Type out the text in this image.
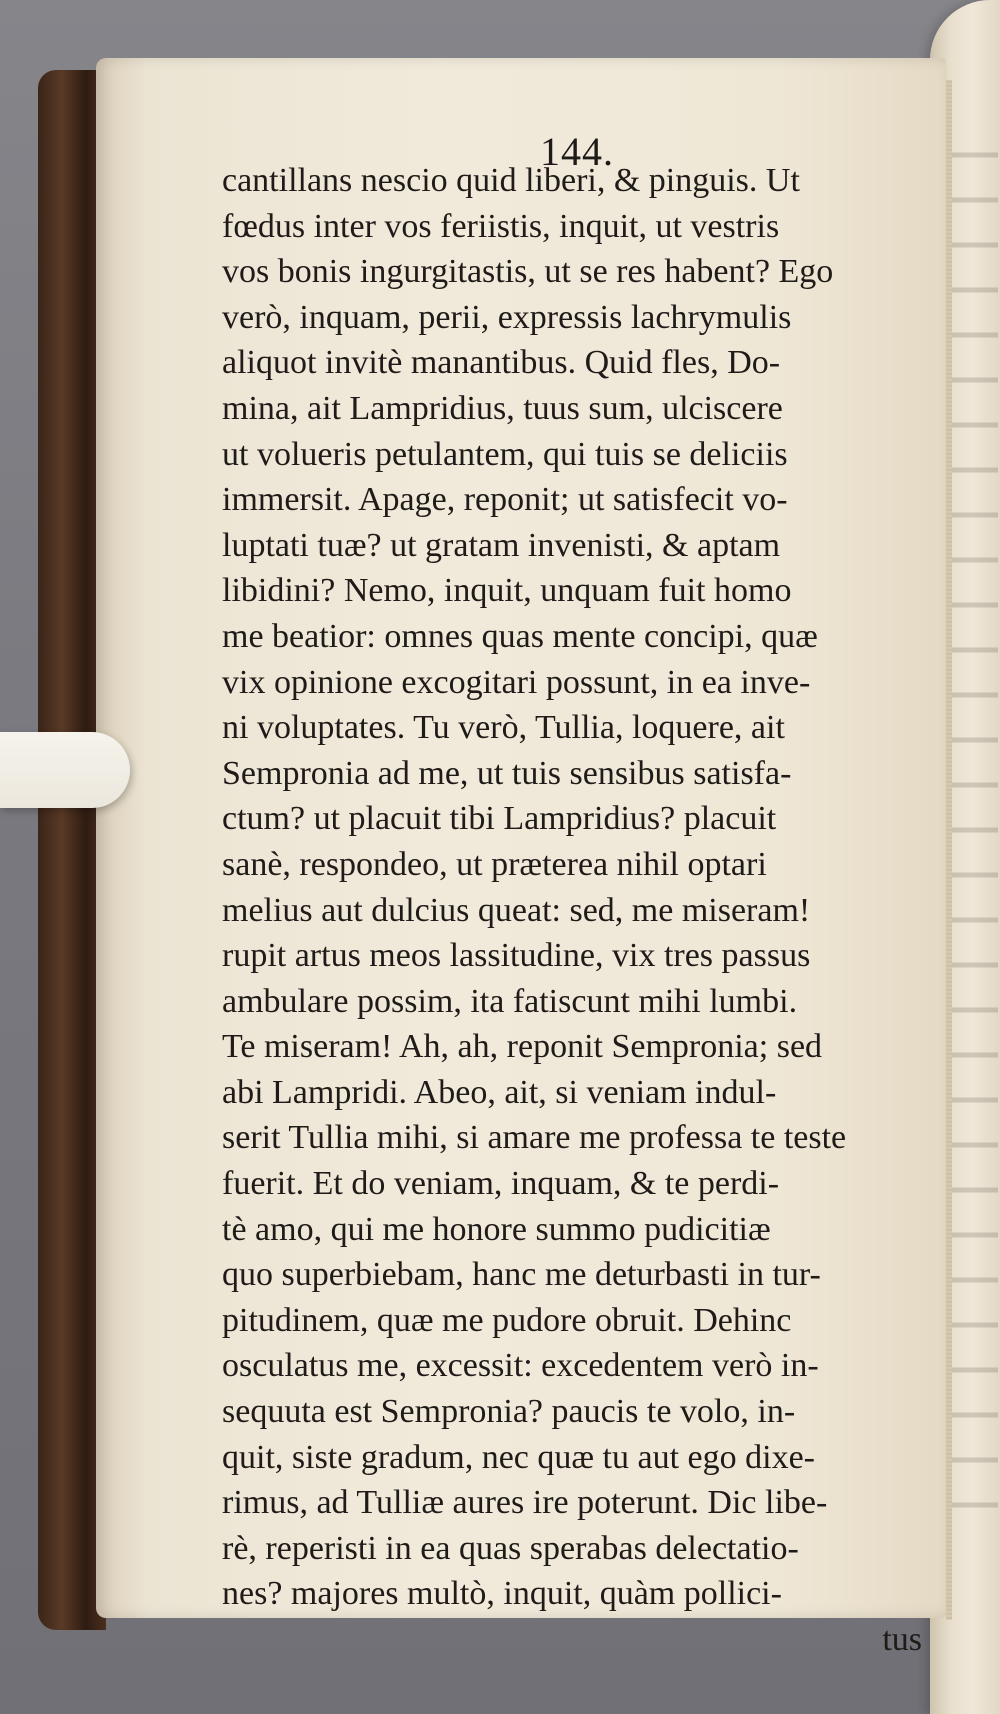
144.
cantillans nescio quid liberi, & pinguis. Ut
fœdus inter vos feriistis, inquit, ut vestris
vos bonis ingurgitastis, ut se res habent? Ego
verò, inquam, perii, expressis lachrymulis
aliquot invitè manantibus. Quid fles, Do-
mina, ait Lampridius, tuus sum, ulciscere
ut volueris petulantem, qui tuis se deliciis
immersit. Apage, reponit; ut satisfecit vo-
luptati tuæ? ut gratam invenisti, & aptam
libidini? Nemo, inquit, unquam fuit homo
me beatior: omnes quas mente concipi, quæ
vix opinione excogitari possunt, in ea inve-
ni voluptates. Tu verò, Tullia, loquere, ait
Sempronia ad me, ut tuis sensibus satisfa-
ctum? ut placuit tibi Lampridius? placuit
sanè, respondeo, ut præterea nihil optari
melius aut dulcius queat: sed, me miseram!
rupit artus meos lassitudine, vix tres passus
ambulare possim, ita fatiscunt mihi lumbi.
Te miseram! Ah, ah, reponit Sempronia; sed
abi Lampridi. Abeo, ait, si veniam indul-
serit Tullia mihi, si amare me professa te teste
fuerit. Et do veniam, inquam, & te perdi-
tè amo, qui me honore summo pudicitiæ
quo superbiebam, hanc me deturbasti in tur-
pitudinem, quæ me pudore obruit. Dehinc
osculatus me, excessit: excedentem verò in-
sequuta est Sempronia? paucis te volo, in-
quit, siste gradum, nec quæ tu aut ego dixe-
rimus, ad Tulliæ aures ire poterunt. Dic libe-
rè, reperisti in ea quas sperabas delectatio-
nes? majores multò, inquit, quàm pollici-
tus
